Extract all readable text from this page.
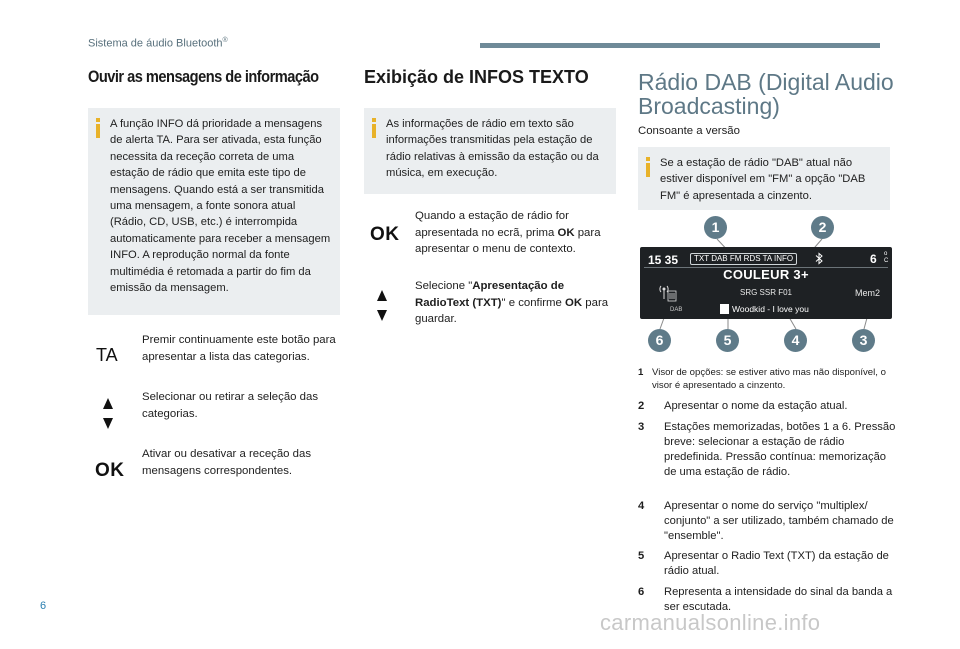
Sistema de áudio Bluetooth®
Ouvir as mensagens de informação
A função INFO dá prioridade a mensagens de alerta TA. Para ser ativada, esta função necessita da receção correta de uma estação de rádio que emita este tipo de mensagens. Quando está a ser transmitida uma mensagem, a fonte sonora atual (Rádio, CD, USB, etc.) é interrompida automaticamente para receber a mensagem INFO. A reprodução normal da fonte multimédia é retomada a partir do fim da emissão da mensagem.
TA
Premir continuamente este botão para apresentar a lista das categorias.
Selecionar ou retirar a seleção das categorias.
OK
Ativar ou desativar a receção das mensagens correspondentes.
Exibição de INFOS TEXTO
As informações de rádio em texto são informações transmitidas pela estação de rádio relativas à emissão da estação ou da música, em execução.
OK
Quando a estação de rádio for apresentada no ecrã, prima OK para apresentar o menu de contexto.
Selecione "Apresentação de RadioText (TXT)" e confirme OK para guardar.
Rádio DAB (Digital Audio Broadcasting)
Consoante a versão
Se a estação de rádio "DAB" atual não estiver disponível em "FM" a opção "DAB FM" é apresentada a cinzento.
1	2
6	5	4	3
15 35	TXT DAB FM RDS TA INFO	6 o
C
COULEUR 3+
SRG SSR F01	Mem2
DAB	Woodkid - I love you
1 Visor de opções: se estiver ativo mas não disponível, o visor é apresentado a cinzento.
2 Apresentar o nome da estação atual.
3 Estações memorizadas, botões 1 a 6. Pressão breve: selecionar a estação de rádio predefinida. Pressão contínua: memorização de uma estação de rádio.
4 Apresentar o nome do serviço "multiplex/ conjunto" a ser utilizado, também chamado de "ensemble".
5 Apresentar o Radio Text (TXT) da estação de rádio atual.
6 Representa a intensidade do sinal da banda a ser escutada.
6
carmanualsonline.info
